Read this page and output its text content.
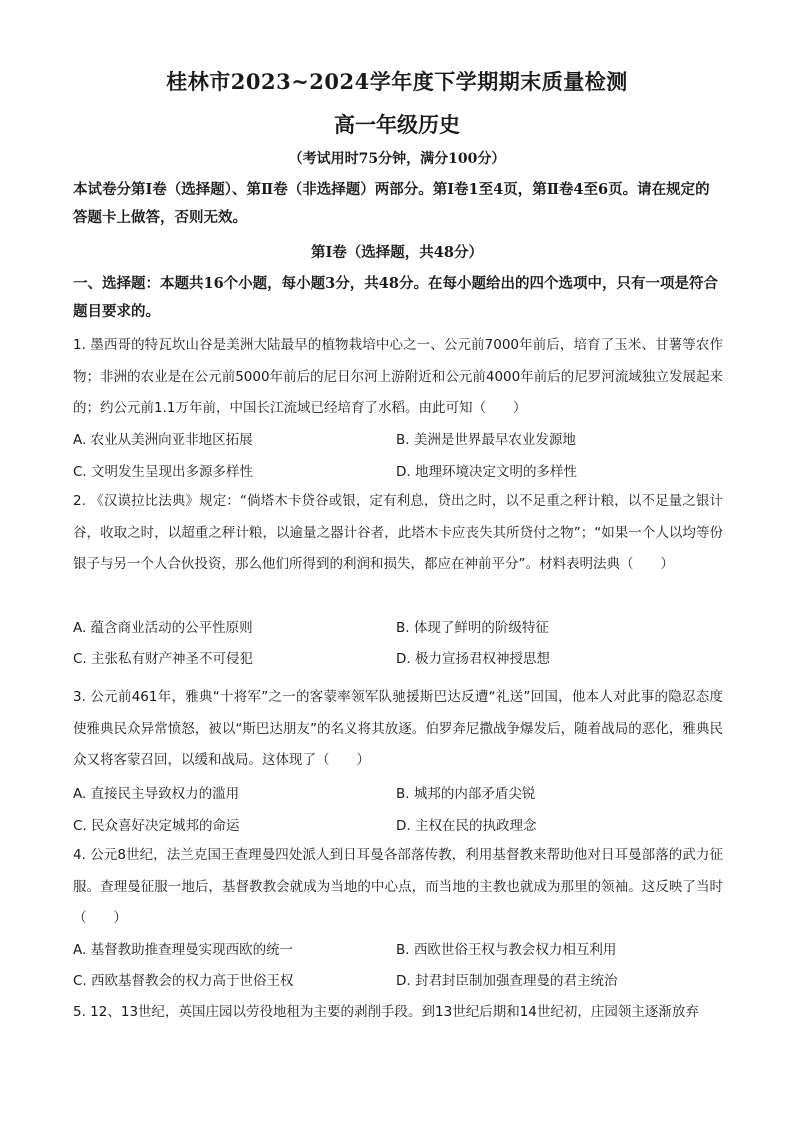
桂林市2023~2024学年度下学期期末质量检测
高一年级历史
（考试用时75分钟，满分100分）

本试卷分第Ⅰ卷（选择题）、第Ⅱ卷（非选择题）两部分。第Ⅰ卷1至4页，第Ⅱ卷4至6页。请在规定的答题卡上做答，否则无效。

第Ⅰ卷（选择题，共48分）

一、选择题：本题共16个小题，每小题3分，共48分。在每小题给出的四个选项中，只有一项是符合题目要求的。

1. 墨西哥的特瓦坎山谷是美洲大陆最早的植物栽培中心之一、公元前7000年前后，培育了玉米、甘薯等农作物；非洲的农业是在公元前5000年前后的尼日尔河上游附近和公元前4000年前后的尼罗河流域独立发展起来的；约公元前1.1万年前，中国长江流域已经培育了水稻。由此可知（　　）

A. 农业从美洲向亚非地区拓展	B. 美洲是世界最早农业发源地
C. 文明发生呈现出多源多样性	D. 地理环境决定文明的多样性

2. 《汉谟拉比法典》规定：“倘塔木卡贷谷或银，定有利息，贷出之时，以不足重之秤计粮，以不足量之银计谷，收取之时，以超重之秤计粮，以逾量之器计谷者，此塔木卡应丧失其所贷付之物”；“如果一个人以均等份银子与另一个人合伙投资，那么他们所得到的利润和损失，都应在神前平分”。材料表明法典（　　）

A. 蕴含商业活动的公平性原则	B. 体现了鲜明的阶级特征
C. 主张私有财产神圣不可侵犯	D. 极力宣扬君权神授思想

3. 公元前461年，雅典“十将军”之一的客蒙率领军队驰援斯巴达反遭“礼送”回国，他本人对此事的隐忍态度使雅典民众异常愤怒，被以“斯巴达朋友”的名义将其放逐。伯罗奔尼撒战争爆发后，随着战局的恶化，雅典民众又将客蒙召回，以缓和战局。这体现了（　　）

A. 直接民主导致权力的滥用	B. 城邦的内部矛盾尖锐
C. 民众喜好决定城邦的命运	D. 主权在民的执政理念

4. 公元8世纪，法兰克国王查理曼四处派人到日耳曼各部落传教，利用基督教来帮助他对日耳曼部落的武力征服。查理曼征服一地后，基督教教会就成为当地的中心点，而当地的主教也就成为那里的领袖。这反映了当时（　　）

A. 基督教助推查理曼实现西欧的统一	B. 西欧世俗王权与教会权力相互利用
C. 西欧基督教会的权力高于世俗王权	D. 封君封臣制加强查理曼的君主统治

5. 12、13世纪，英国庄园以劳役地租为主要的剥削手段。到13世纪后期和14世纪初，庄园领主逐渐放弃
